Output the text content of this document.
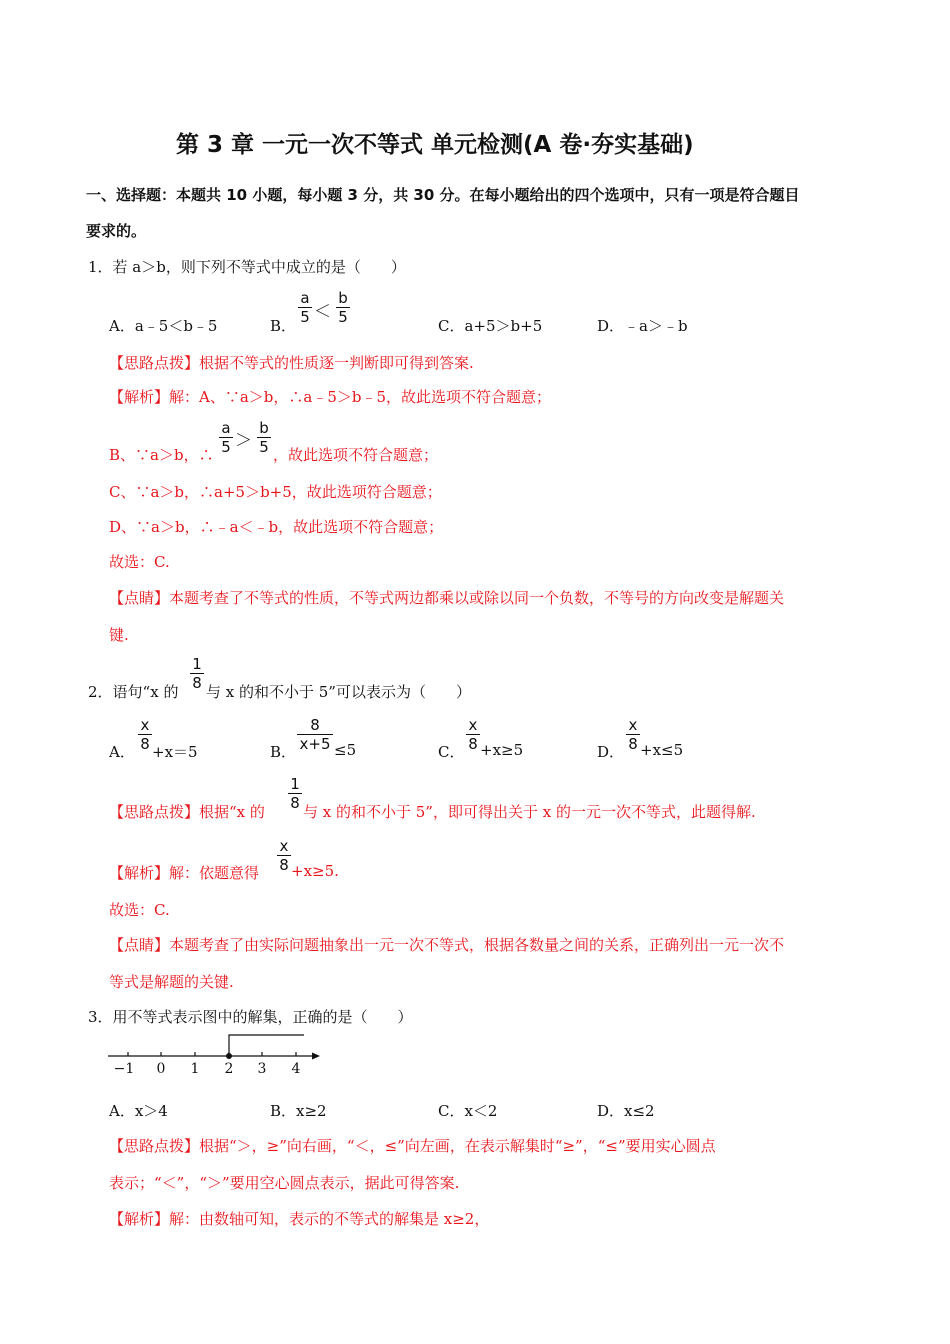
第 3 章 一元一次不等式 单元检测(A 卷·夯实基础)
一、选择题：本题共 10 小题，每小题 3 分，共 30 分。在每小题给出的四个选项中，只有一项是符合题目
要求的。
1．若 a＞b，则下列不等式中成立的是（　　）
A．a﹣5＜b﹣5	B．
a
5 ＜
b
5	C．a+5＞b+5	D．﹣a＞﹣b
【思路点拨】根据不等式的性质逐一判断即可得到答案.
【解析】解：A、∵a＞b，∴a﹣5＞b﹣5，故此选项不符合题意；
B、∵a＞b，∴
a
5 ＞
b
5 ，故此选项不符合题意；
C、∵a＞b，∴a+5＞b+5，故此选项符合题意；
D、∵a＞b，∴﹣a＜﹣b，故此选项不符合题意；
故选：C.
【点睛】本题考查了不等式的性质，不等式两边都乘以或除以同一个负数，不等号的方向改变是解题关
键.
2．语句“x 的
1
8 与 x 的和不小于 5”可以表示为（　　）
A．
x
8 +x＝5	B．
8
x+5 ≤5	C．
x
8 +x≥5	D．
x
8 +x≤5
【思路点拨】根据“x 的
1
8 与 x 的和不小于 5”，即可得出关于 x 的一元一次不等式，此题得解.
【解析】解：依题意得
x
8 +x≥5.
故选：C.
【点睛】本题考查了由实际问题抽象出一元一次不等式，根据各数量之间的关系，正确列出一元一次不
等式是解题的关键.
3．用不等式表示图中的解集，正确的是（　　）
−1 0 1 2 3 4
A．x＞4	B．x≥2	C．x＜2	D．x≤2
【思路点拨】根据“＞，≥”向右画，“＜，≤”向左画，在表示解集时“≥”，“≤”要用实心圆点
表示；“＜”，“＞”要用空心圆点表示，据此可得答案.
【解析】解：由数轴可知，表示的不等式的解集是 x≥2，
